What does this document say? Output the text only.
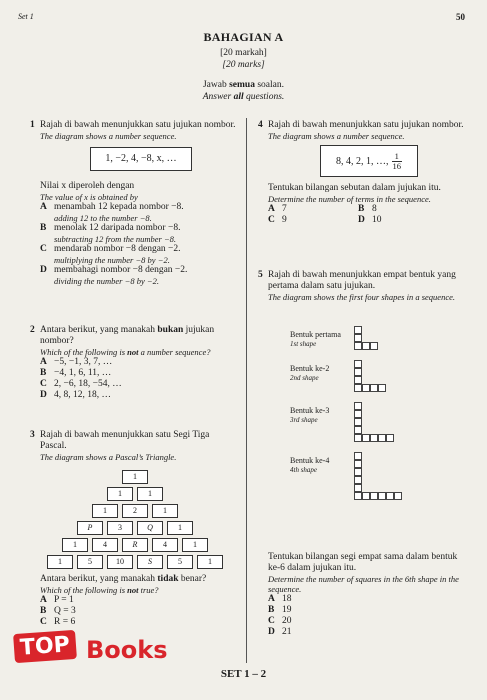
Set 1	50
BAHAGIAN A
[20 markah]
[20 marks]
Jawab semua soalan.
Answer all questions.
1 Rajah di bawah menunjukkan satu jujukan nombor.
The diagram shows a number sequence.
1, −2, 4, −8, x, …
Nilai x diperoleh dengan
The value of x is obtained by
A menambah 12 kepada nombor −8.
adding 12 to the number −8.
B menolak 12 daripada nombor −8.
subtracting 12 from the number −8.
C mendarab nombor −8 dengan −2.
multiplying the number −8 by −2.
D membahagi nombor −8 dengan −2.
dividing the number −8 by −2.
2 Antara berikut, yang manakah bukan jujukan nombor?
Which of the following is not a number sequence?
A −5, −1, 3, 7, …
B −4, 1, 6, 11, …
C 2, −6, 18, −54, …
D 4, 8, 12, 18, …
3 Rajah di bawah menunjukkan satu Segi Tiga Pascal.
The diagram shows a Pascal’s Triangle.
1
1	1
1	2	1
P	3	Q	1
1	4	R	4	1
1	5	10	S	5	1
Antara berikut, yang manakah tidak benar?
Which of the following is not true?
A P = 1
B Q = 3
C R = 6
4 Rajah di bawah menunjukkan satu jujukan nombor.
The diagram shows a number sequence.
8, 4, 2, 1, …, $\frac{1}{16}$
Tentukan bilangan sebutan dalam jujukan itu.
Determine the number of terms in the sequence.
A 7	B 8
C 9	D 10
5 Rajah di bawah menunjukkan empat bentuk yang pertama dalam satu jujukan.
The diagram shows the first four shapes in a sequence.
Bentuk pertama
1st shape
Bentuk ke-2
2nd shape
Bentuk ke-3
3rd shape
Bentuk ke-4
4th shape
Tentukan bilangan segi empat sama dalam bentuk ke-6 dalam jujukan itu.
Determine the number of squares in the 6th shape in the sequence.
A 18
B 19
C 20
D 21
SET 1 – 2
TOP Books
